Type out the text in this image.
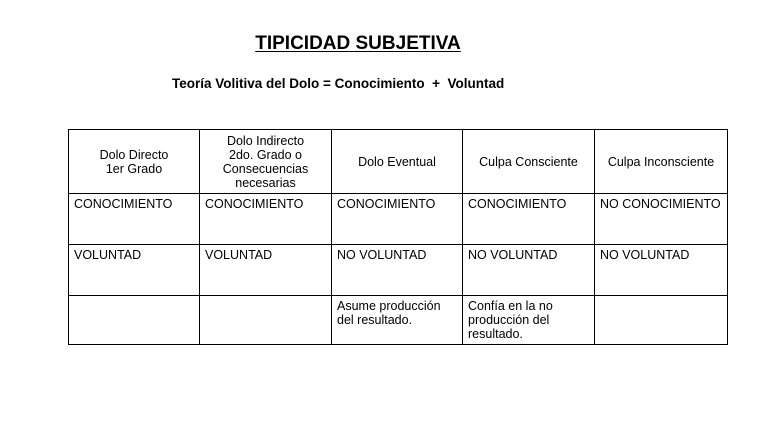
TIPICIDAD SUBJETIVA
Teoría Volitiva del Dolo = Conocimiento  +  Voluntad
Dolo Directo
1er Grado	Dolo Indirecto
2do. Grado o
Consecuencias
necesarias	Dolo Eventual	Culpa Consciente	Culpa Inconsciente
CONOCIMIENTO	CONOCIMIENTO	CONOCIMIENTO	CONOCIMIENTO	NO CONOCIMIENTO
VOLUNTAD	VOLUNTAD	NO VOLUNTAD	NO VOLUNTAD	NO VOLUNTAD
		Asume producción
del resultado.	Confía en la no
producción del
resultado.	
